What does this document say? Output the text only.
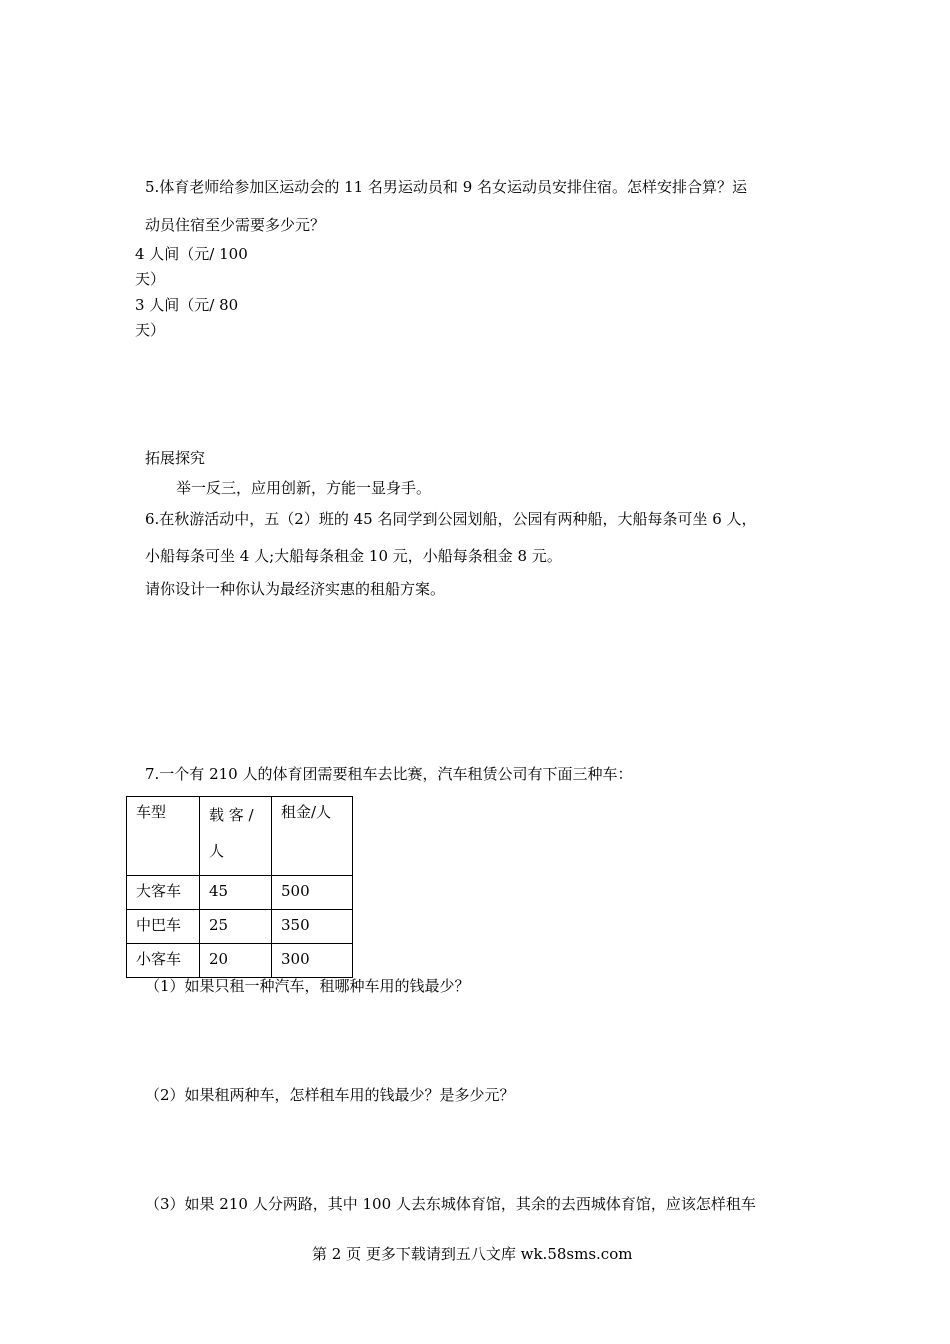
5.体育老师给参加区运动会的 11 名男运动员和 9 名女运动员安排住宿。怎样安排合算？运
动员住宿至少需要多少元？
4 人间（元/ 100
天）
3 人间（元/ 80
天）
拓展探究
举一反三，应用创新，方能一显身手。
6.在秋游活动中，五（2）班的 45 名同学到公园划船，公园有两种船，大船每条可坐 6 人，
小船每条可坐 4 人;大船每条租金 10 元，小船每条租金 8 元。
请你设计一种你认为最经济实惠的租船方案。
7.一个有 210 人的体育团需要租车去比赛，汽车租赁公司有下面三种车：
车型	载 客 / 人	租金/人
大客车	45	500
中巴车	25	350
小客车	20	300
（1）如果只租一种汽车，租哪种车用的钱最少？
（2）如果租两种车，怎样租车用的钱最少？是多少元？
（3）如果 210 人分两路，其中 100 人去东城体育馆，其余的去西城体育馆，应该怎样租车
第 2 页 更多下载请到五八文库 wk.58sms.com
